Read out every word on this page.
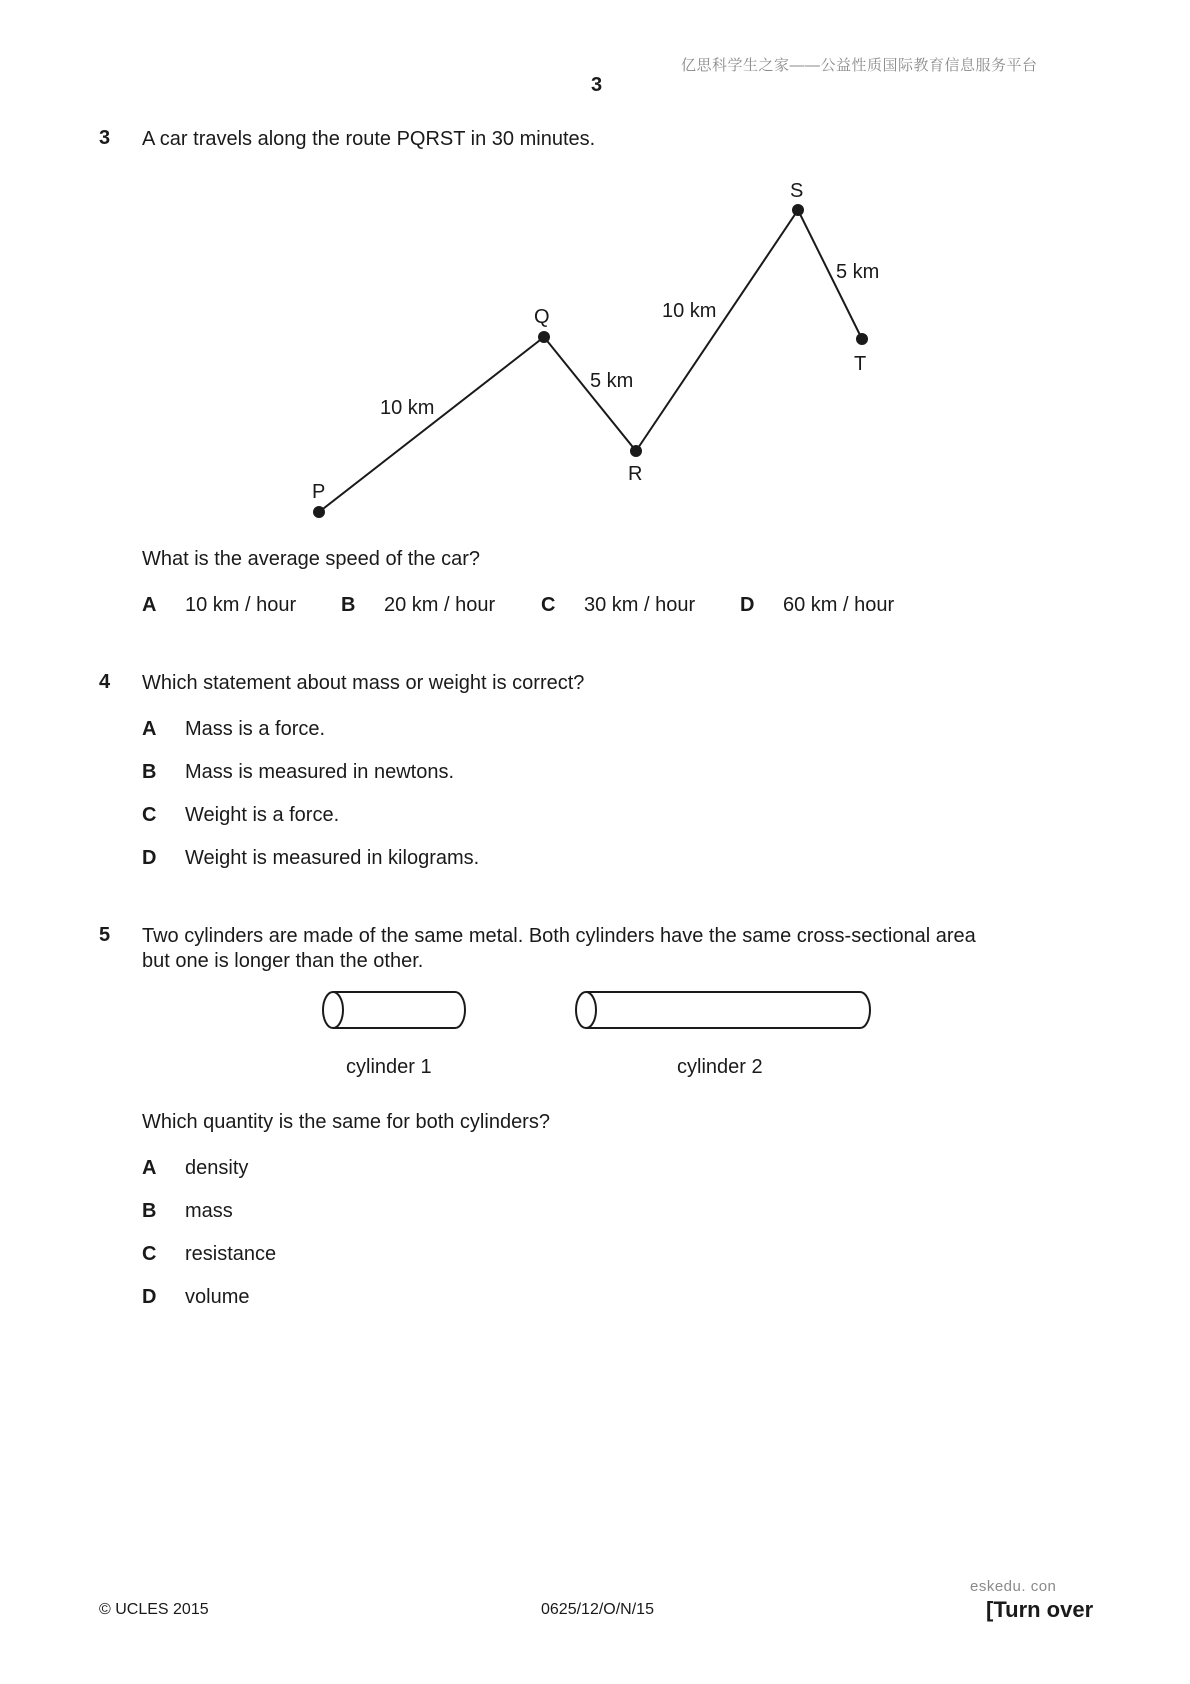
亿思科学生之家——公益性质国际教育信息服务平台
3
3 A car travels along the route PQRST in 30 minutes.
P
Q
R
S
T
10 km
5 km
10 km
5 km
What is the average speed of the car?
A 10 km / hour B 20 km / hour C 30 km / hour D 60 km / hour
4 Which statement about mass or weight is correct?
A Mass is a force.
B Mass is measured in newtons.
C Weight is a force.
D Weight is measured in kilograms.
5 Two cylinders are made of the same metal. Both cylinders have the same cross-sectional area
but one is longer than the other.
cylinder 1	cylinder 2
Which quantity is the same for both cylinders?
A density
B mass
C resistance
D volume
eskedu. con
© UCLES 2015	0625/12/O/N/15	[Turn over
